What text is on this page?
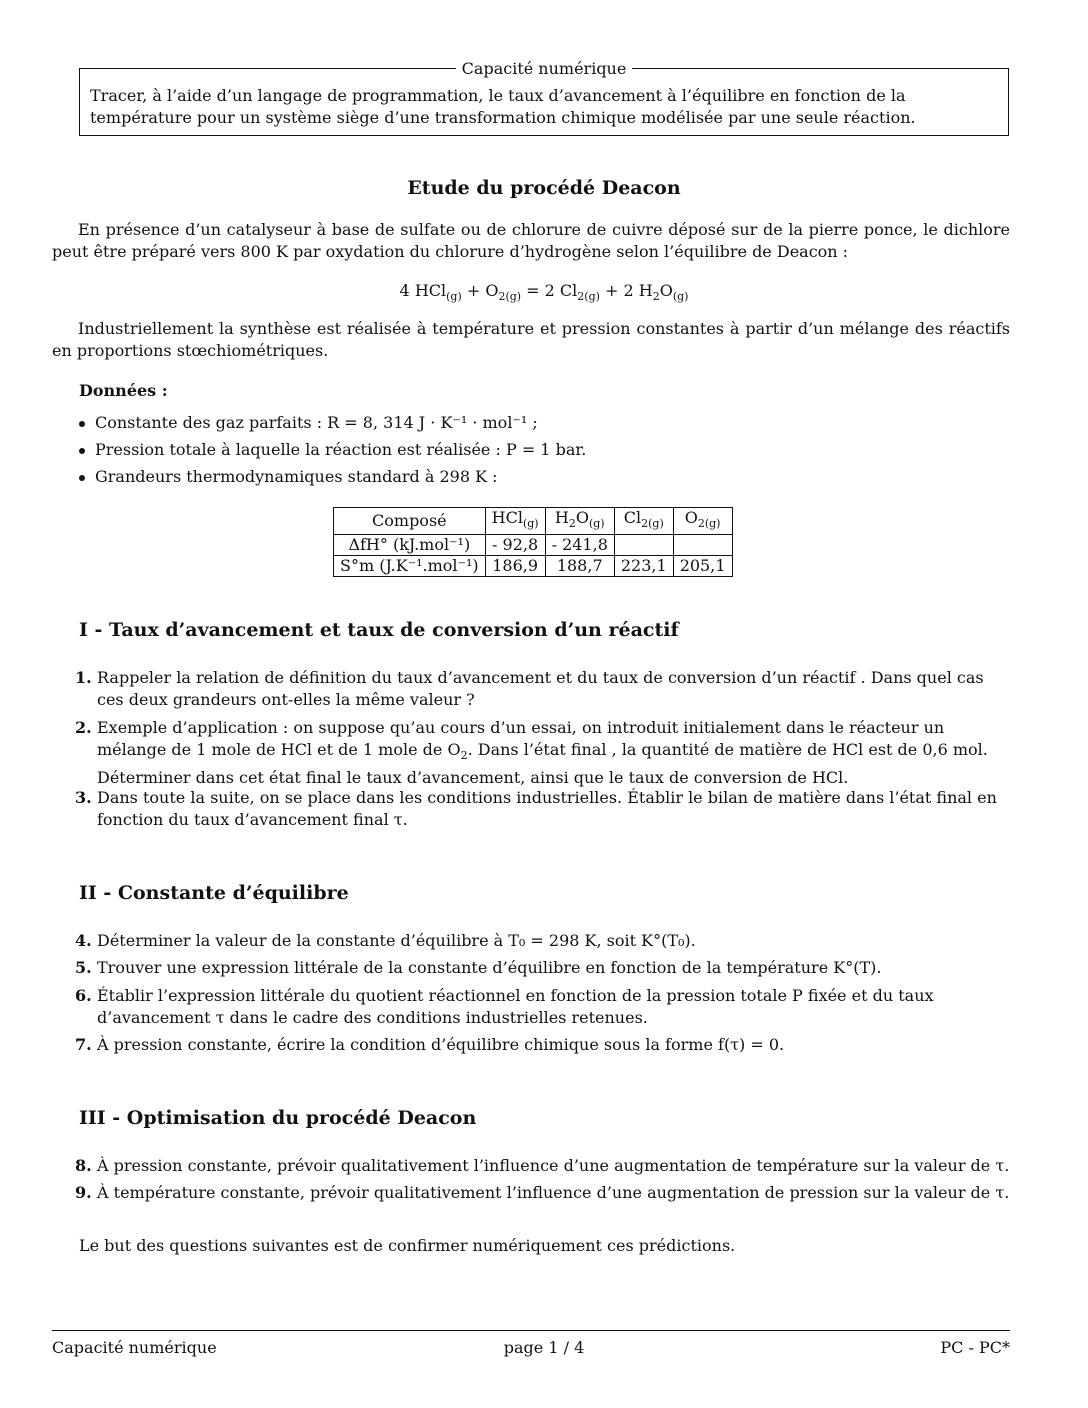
Capacité numérique
Tracer, à l’aide d’un langage de programmation, le taux d’avancement à l’équilibre en fonction de la température pour un système siège d’une transformation chimique modélisée par une seule réaction.
Etude du procédé Deacon
En présence d’un catalyseur à base de sulfate ou de chlorure de cuivre déposé sur de la pierre ponce, le dichlore peut être préparé vers 800 K par oxydation du chlorure d’hydrogène selon l’équilibre de Deacon :
4 $HCl_{(g)} + O_{2(g)} = 2$ $Cl_{2(g)} + 2$ $H_2O_{(g)}$
Industriellement la synthèse est réalisée à température et pression constantes à partir d’un mélange des réactifs en proportions stœchiométriques.
Données :
Constante des gaz parfaits : R = 8, 314 J · K⁻¹ · mol⁻¹ ;
Pression totale à laquelle la réaction est réalisée : P = 1 bar.
Grandeurs thermodynamiques standard à 298 K :
Composé	HCl$_{(g)}$	$H_2O_{(g)}$	$Cl_{2(g)}$	$O_{2(g)}$
ΔfH° (kJ.mol⁻¹)	- 92,8	- 241,8		
S°m (J.K⁻¹.mol⁻¹)	186,9	188,7	223,1	205,1
I - Taux d’avancement et taux de conversion d’un réactif
1. Rappeler la relation de définition du taux d’avancement et du taux de conversion d’un réactif . Dans quel cas ces deux grandeurs ont-elles la même valeur ?
2. Exemple d’application : on suppose qu’au cours d’un essai, on introduit initialement dans le réacteur un mélange de 1 mole de HCl et de 1 mole de $O_2$. Dans l’état final , la quantité de matière de HCl est de 0,6 mol. Déterminer dans cet état final le taux d’avancement, ainsi que le taux de conversion de HCl.
3. Dans toute la suite, on se place dans les conditions industrielles. Établir le bilan de matière dans l’état final en fonction du taux d’avancement final τ.
II - Constante d’équilibre
4. Déterminer la valeur de la constante d’équilibre à T₀ = 298 K, soit K°(T₀).
5. Trouver une expression littérale de la constante d’équilibre en fonction de la température K°(T).
6. Établir l’expression littérale du quotient réactionnel en fonction de la pression totale P fixée et du taux d’avancement τ dans le cadre des conditions industrielles retenues.
7. À pression constante, écrire la condition d’équilibre chimique sous la forme f(τ) = 0.
III - Optimisation du procédé Deacon
8. À pression constante, prévoir qualitativement l’influence d’une augmentation de température sur la valeur de τ.
9. À température constante, prévoir qualitativement l’influence d’une augmentation de pression sur la valeur de τ.
Le but des questions suivantes est de confirmer numériquement ces prédictions.
Capacité numérique	page 1 / 4	PC - PC*
